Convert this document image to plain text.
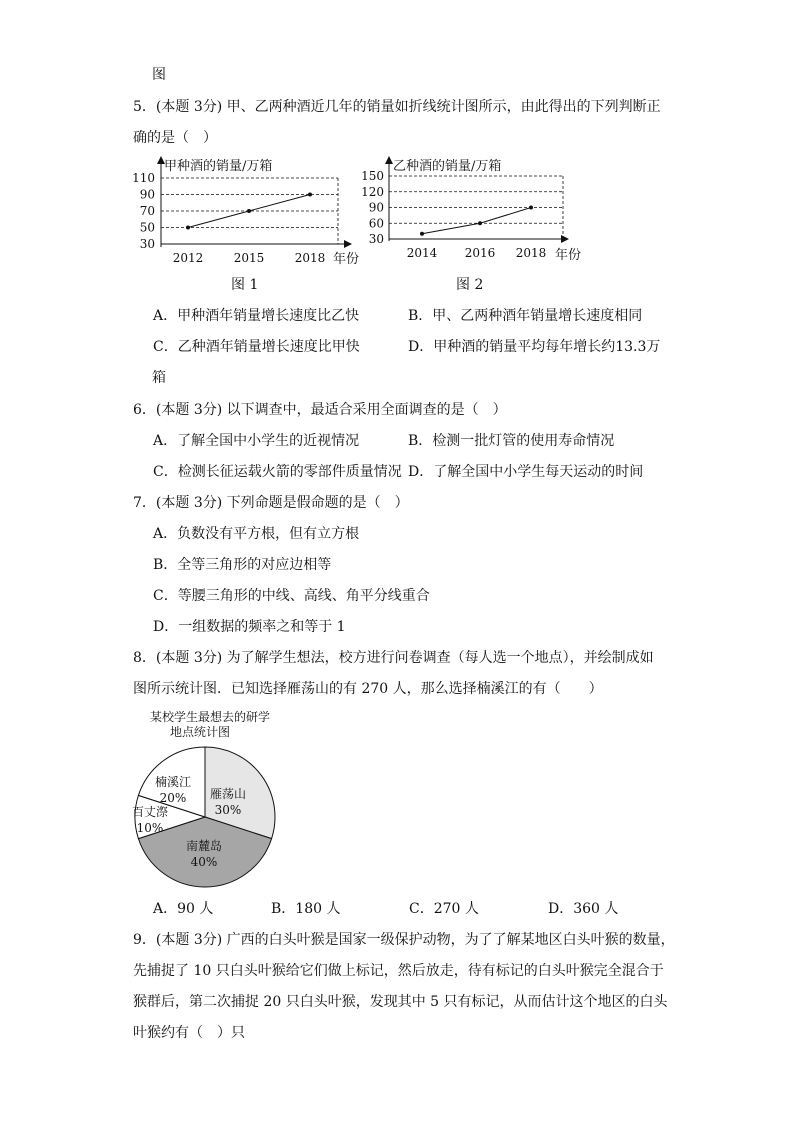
图
5．(本题 3分) 甲、乙两种酒近几年的销量如折线统计图所示，由此得出的下列判断正
确的是（　）
甲种酒的销量/万箱
30
50
70
90
110
2012	2015	2018 年份
图 1
乙种酒的销量/万箱
30
60
90
120
150
2014 2016 2018 年份
图 2
A．甲种酒年销量增长速度比乙快	B．甲、乙两种酒年销量增长速度相同
C．乙种酒年销量增长速度比甲快	D．甲种酒的销量平均每年增长约13.3万
箱
6．(本题 3分) 以下调查中，最适合采用全面调查的是（　）
A．了解全国中小学生的近视情况	B．检测一批灯管的使用寿命情况
C．检测长征运载火箭的零部件质量情况 D．了解全国中小学生每天运动的时间
7．(本题 3分) 下列命题是假命题的是（　）
A．负数没有平方根，但有立方根
B．全等三角形的对应边相等
C．等腰三角形的中线、高线、角平分线重合
D．一组数据的频率之和等于 1
8．(本题 3分) 为了解学生想法，校方进行问卷调查（每人选一个地点），并绘制成如
图所示统计图．已知选择雁荡山的有 270 人，那么选择楠溪江的有（　　）
某校学生最想去的研学
地点统计图
雁荡山
30%
南麓岛
40%
百丈漈
10%
楠溪江
20%
A．90 人	B．180 人	C．270 人	D．360 人
9．(本题 3分) 广西的白头叶猴是国家一级保护动物，为了了解某地区白头叶猴的数量，
先捕捉了 10 只白头叶猴给它们做上标记，然后放走，待有标记的白头叶猴完全混合于
猴群后，第二次捕捉 20 只白头叶猴，发现其中 5 只有标记，从而估计这个地区的白头
叶猴约有（　）只
